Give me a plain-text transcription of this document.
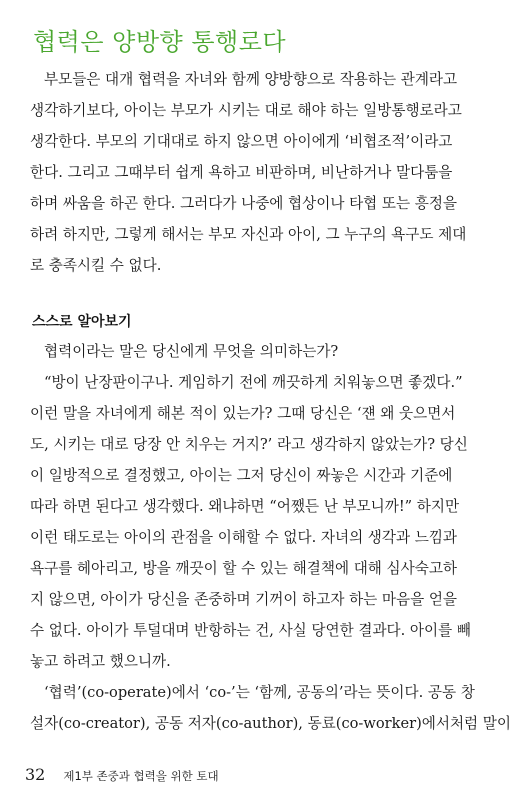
협력은 양방향 통행로다
부모들은 대개 협력을 자녀와 함께 양방향으로 작용하는 관계라고
생각하기보다, 아이는 부모가 시키는 대로 해야 하는 일방통행로라고
생각한다. 부모의 기대대로 하지 않으면 아이에게 ‘비협조적’이라고
한다. 그리고 그때부터 쉽게 욕하고 비판하며, 비난하거나 말다툼을
하며 싸움을 하곤 한다. 그러다가 나중에 협상이나 타협 또는 흥정을
하려 하지만, 그렇게 해서는 부모 자신과 아이, 그 누구의 욕구도 제대
로 충족시킬 수 없다.
스스로 알아보기
협력이라는 말은 당신에게 무엇을 의미하는가?
“방이 난장판이구나. 게임하기 전에 깨끗하게 치워놓으면 좋겠다.”
이런 말을 자녀에게 해본 적이 있는가? 그때 당신은 ‘쟨 왜 웃으면서
도, 시키는 대로 당장 안 치우는 거지?’ 라고 생각하지 않았는가? 당신
이 일방적으로 결정했고, 아이는 그저 당신이 짜놓은 시간과 기준에
따라 하면 된다고 생각했다. 왜냐하면 “어쨌든 난 부모니까!” 하지만
이런 태도로는 아이의 관점을 이해할 수 없다. 자녀의 생각과 느낌과
욕구를 헤아리고, 방을 깨끗이 할 수 있는 해결책에 대해 심사숙고하
지 않으면, 아이가 당신을 존중하며 기꺼이 하고자 하는 마음을 얻을
수 없다. 아이가 투덜대며 반항하는 건, 사실 당연한 결과다. 아이를 빼
놓고 하려고 했으니까.
‘협력’(co-operate)에서 ‘co-’는 ‘함께, 공동의’라는 뜻이다. 공동 창
설자(co-creator), 공동 저자(co-author), 동료(co-worker)에서처럼 말이
32 제1부 존중과 협력을 위한 토대
